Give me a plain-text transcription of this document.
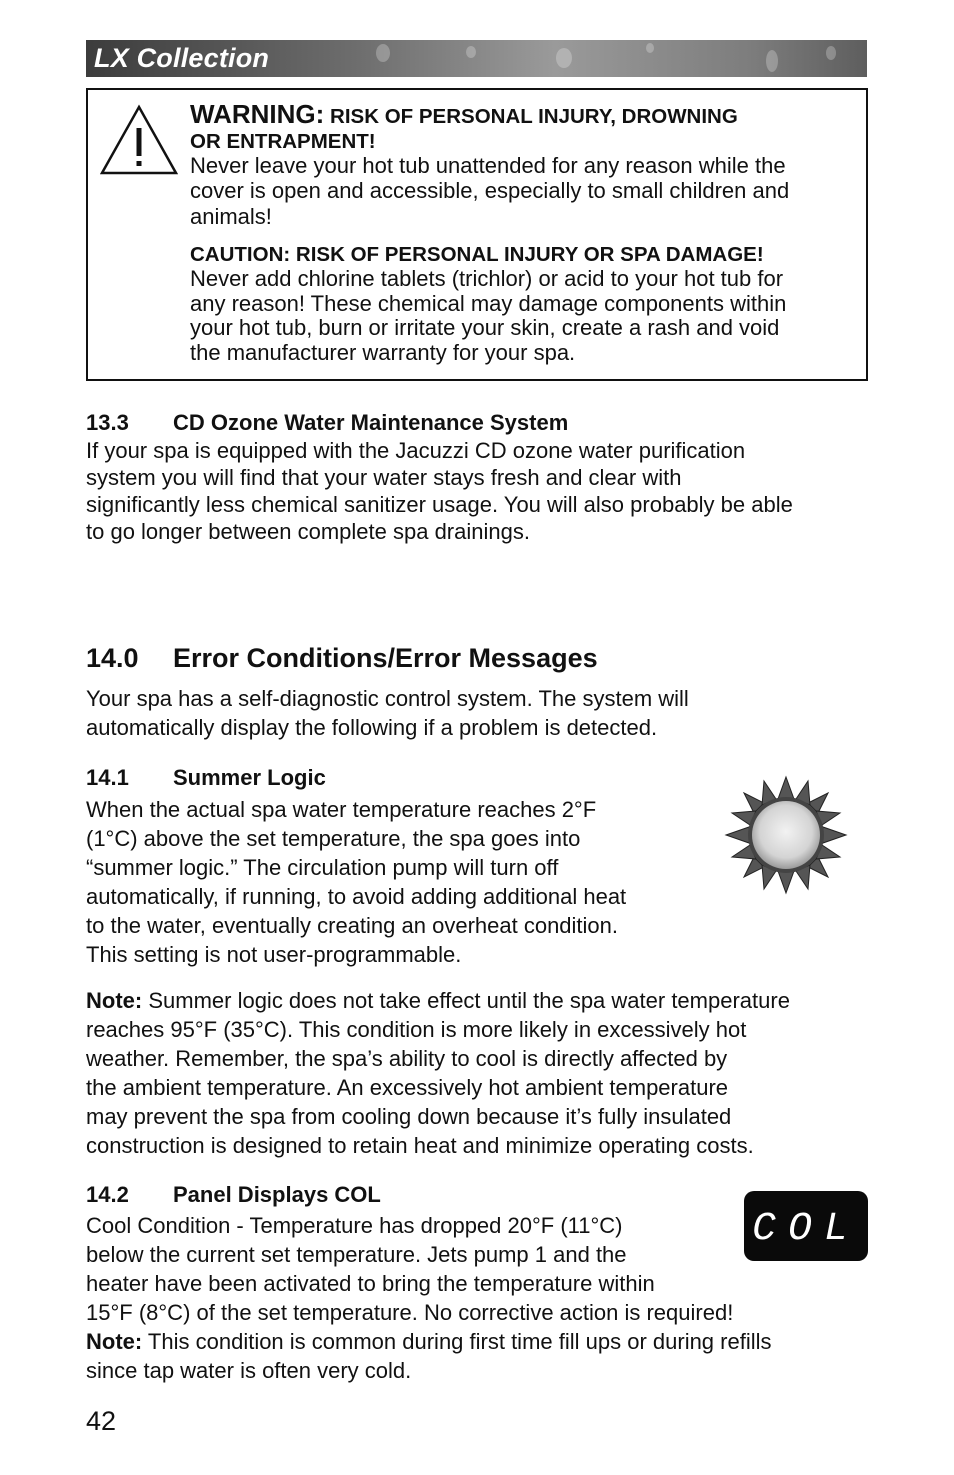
LX Collection
WARNING: RISK OF PERSONAL INJURY, DROWNING
OR ENTRAPMENT!
Never leave your hot tub unattended for any reason while the
cover is open and accessible, especially to small children and
animals!
CAUTION: RISK OF PERSONAL INJURY OR SPA DAMAGE!
Never add chlorine tablets (trichlor) or acid to your hot tub for
any reason! These chemical may damage components within
your hot tub, burn or irritate your skin, create a rash and void
the manufacturer warranty for your spa.
13.3 CD Ozone Water Maintenance System
If your spa is equipped with the Jacuzzi CD ozone water purification
system you will find that your water stays fresh and clear with
significantly less chemical sanitizer usage. You will also probably be able
to go longer between complete spa drainings.
14.0 Error Conditions/Error Messages
Your spa has a self-diagnostic control system. The system will
automatically display the following if a problem is detected.
14.1 Summer Logic
When the actual spa water temperature reaches 2°F
(1°C) above the set temperature, the spa goes into
“summer logic.” The circulation pump will turn off
automatically, if running, to avoid adding additional heat
to the water, eventually creating an overheat condition.
This setting is not user-programmable.
Note: Summer logic does not take effect until the spa water temperature
reaches 95°F (35°C). This condition is more likely in excessively hot
weather. Remember, the spa’s ability to cool is directly affected by
the ambient temperature. An excessively hot ambient temperature
may prevent the spa from cooling down because it’s fully insulated
construction is designed to retain heat and minimize operating costs.
14.2 Panel Displays COL
Cool Condition - Temperature has dropped 20°F (11°C)
below the current set temperature. Jets pump 1 and the
heater have been activated to bring the temperature within
15°F (8°C) of the set temperature. No corrective action is required!
Note: This condition is common during first time fill ups or during refills
since tap water is often very cold.
COL
42
